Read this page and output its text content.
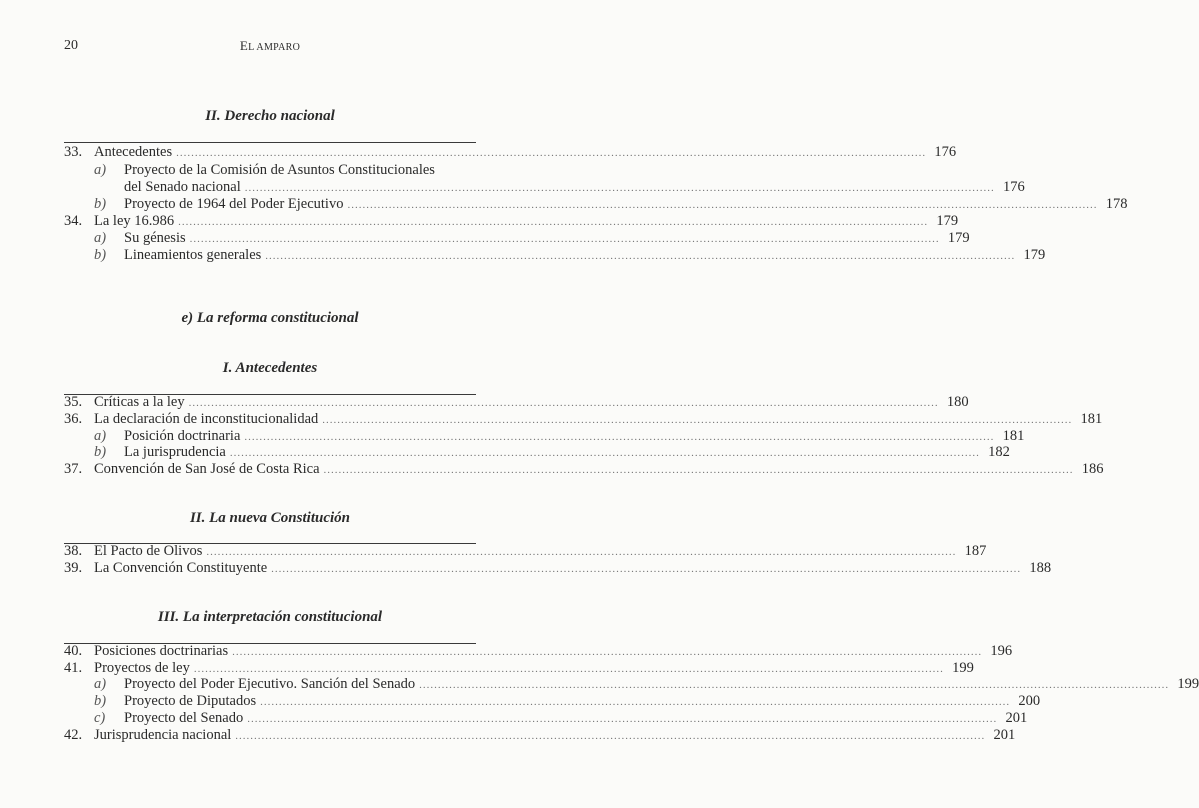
20	EL AMPARO
II. Derecho nacional
33. Antecedentes .....	176
a)	Proyecto de la Comisión de Asuntos Constitucionales
del Senado nacional .....	176
b)	Proyecto de 1964 del Poder Ejecutivo .....	178
34. La ley 16.986 .....	179
a)	Su génesis .....	179
b)	Lineamientos generales .....	179
e) La reforma constitucional
I. Antecedentes
35. Críticas a la ley .....	180
36. La declaración de inconstitucionalidad .....	181
a)	Posición doctrinaria .....	181
b)	La jurisprudencia .....	182
37. Convención de San José de Costa Rica .....	186
II. La nueva Constitución
38. El Pacto de Olivos .....	187
39. La Convención Constituyente .....	188
III. La interpretación constitucional
40. Posiciones doctrinarias .....	196
41. Proyectos de ley .....	199
a)	Proyecto del Poder Ejecutivo. Sanción del Senado .....	199
b)	Proyecto de Diputados .....	200
c)	Proyecto del Senado .....	201
42. Jurisprudencia nacional .....	201
